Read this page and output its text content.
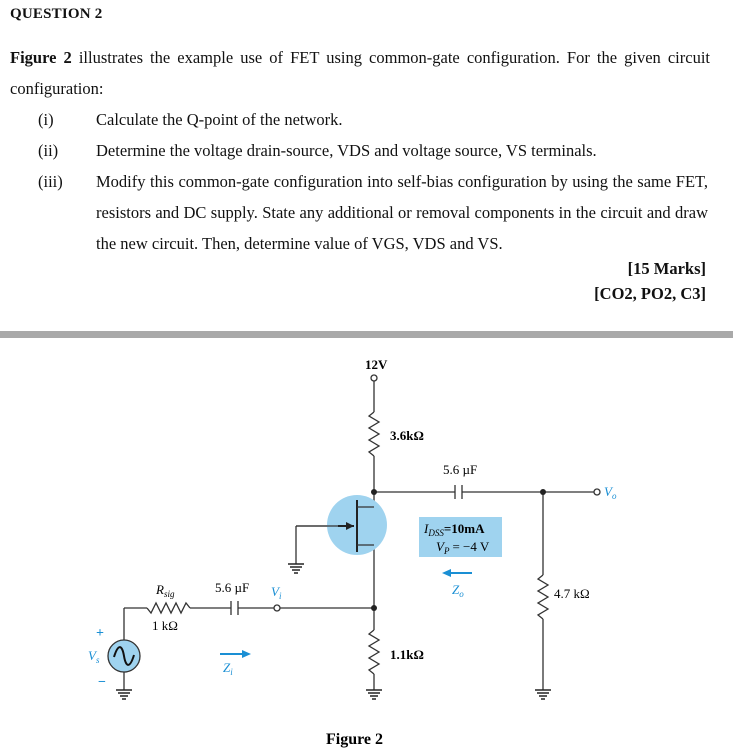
QUESTION 2
Figure 2 illustrates the example use of FET using common-gate configuration. For the given circuit configuration:
(i)	Calculate the Q-point of the network.
(ii)	Determine the voltage drain-source, VDS and voltage source, VS terminals.
(iii)	Modify this common-gate configuration into self-bias configuration by using the same FET, resistors and DC supply. State any additional or removal components in the circuit and draw the new circuit. Then, determine value of VGS, VDS and VS.
[15 Marks]
[CO2, PO2, C3]
12V
3.6kΩ
5.6 µF
$V_o$
$I_{DSS}=10mA$
$V_P = -4$ V
$Z_o$	4.7 kΩ
$R_{sig}$
1 kΩ
5.6 µF $V_i$
$Z_i$
$V_s$
+
−
1.1kΩ
Figure 2
